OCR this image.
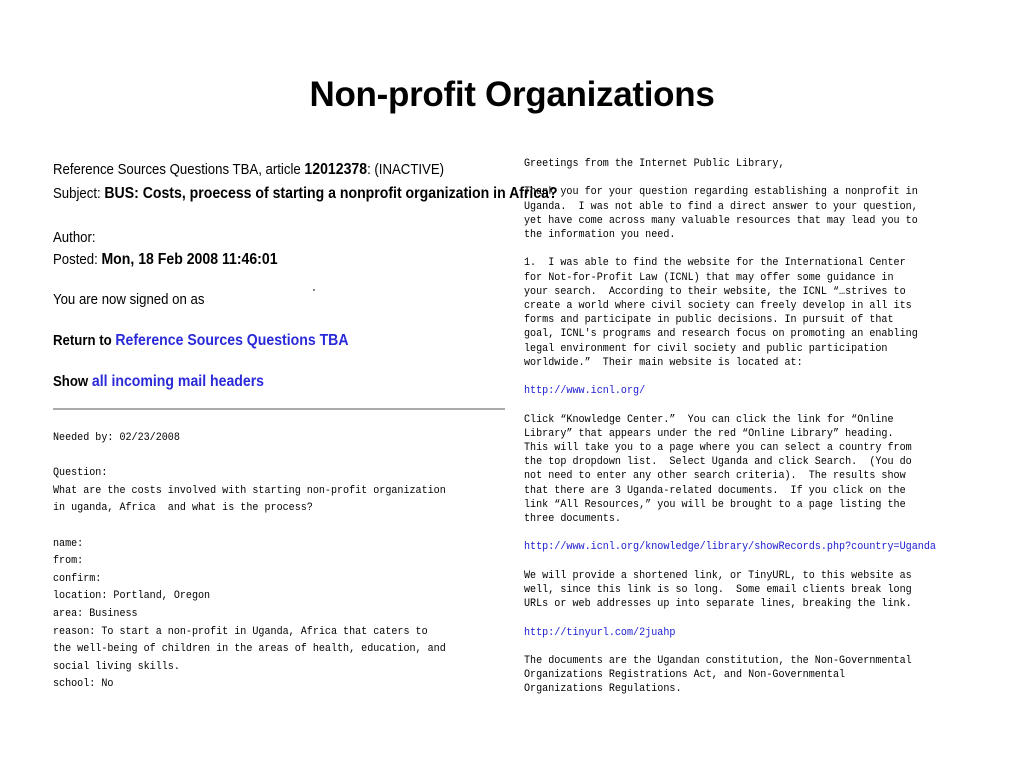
Non-profit Organizations
Reference Sources Questions TBA, article 12012378: (INACTIVE)
Subject: BUS: Costs, proecess of starting a nonprofit organization in Africa?
Author:
Posted: Mon, 18 Feb 2008 11:46:01
You are now signed on as
Return to Reference Sources Questions TBA
Show all incoming mail headers
Needed by: 02/23/2008
Question:
What are the costs involved with starting non-profit organization
in uganda, Africa  and what is the process?
name:
from:
confirm:
location: Portland, Oregon
area: Business
reason: To start a non-profit in Uganda, Africa that caters to
the well-being of children in the areas of health, education, and
social living skills.
school: No
Greetings from the Internet Public Library,
Thank you for your question regarding establishing a nonprofit in
Uganda.  I was not able to find a direct answer to your question,
yet have come across many valuable resources that may lead you to
the information you need.
1.  I was able to find the website for the International Center
for Not-for-Profit Law (ICNL) that may offer some guidance in
your search.  According to their website, the ICNL “…strives to
create a world where civil society can freely develop in all its
forms and participate in public decisions. In pursuit of that
goal, ICNL's programs and research focus on promoting an enabling
legal environment for civil society and public participation
worldwide.”  Their main website is located at:
http://www.icnl.org/
Click “Knowledge Center.”  You can click the link for “Online
Library” that appears under the red “Online Library” heading.
This will take you to a page where you can select a country from
the top dropdown list.  Select Uganda and click Search.  (You do
not need to enter any other search criteria).  The results show
that there are 3 Uganda-related documents.  If you click on the
link “All Resources,” you will be brought to a page listing the
three documents.
http://www.icnl.org/knowledge/library/showRecords.php?country=Uganda
We will provide a shortened link, or TinyURL, to this website as
well, since this link is so long.  Some email clients break long
URLs or web addresses up into separate lines, breaking the link.
http://tinyurl.com/2juahp
The documents are the Ugandan constitution, the Non-Governmental
Organizations Registrations Act, and Non-Governmental
Organizations Regulations.
